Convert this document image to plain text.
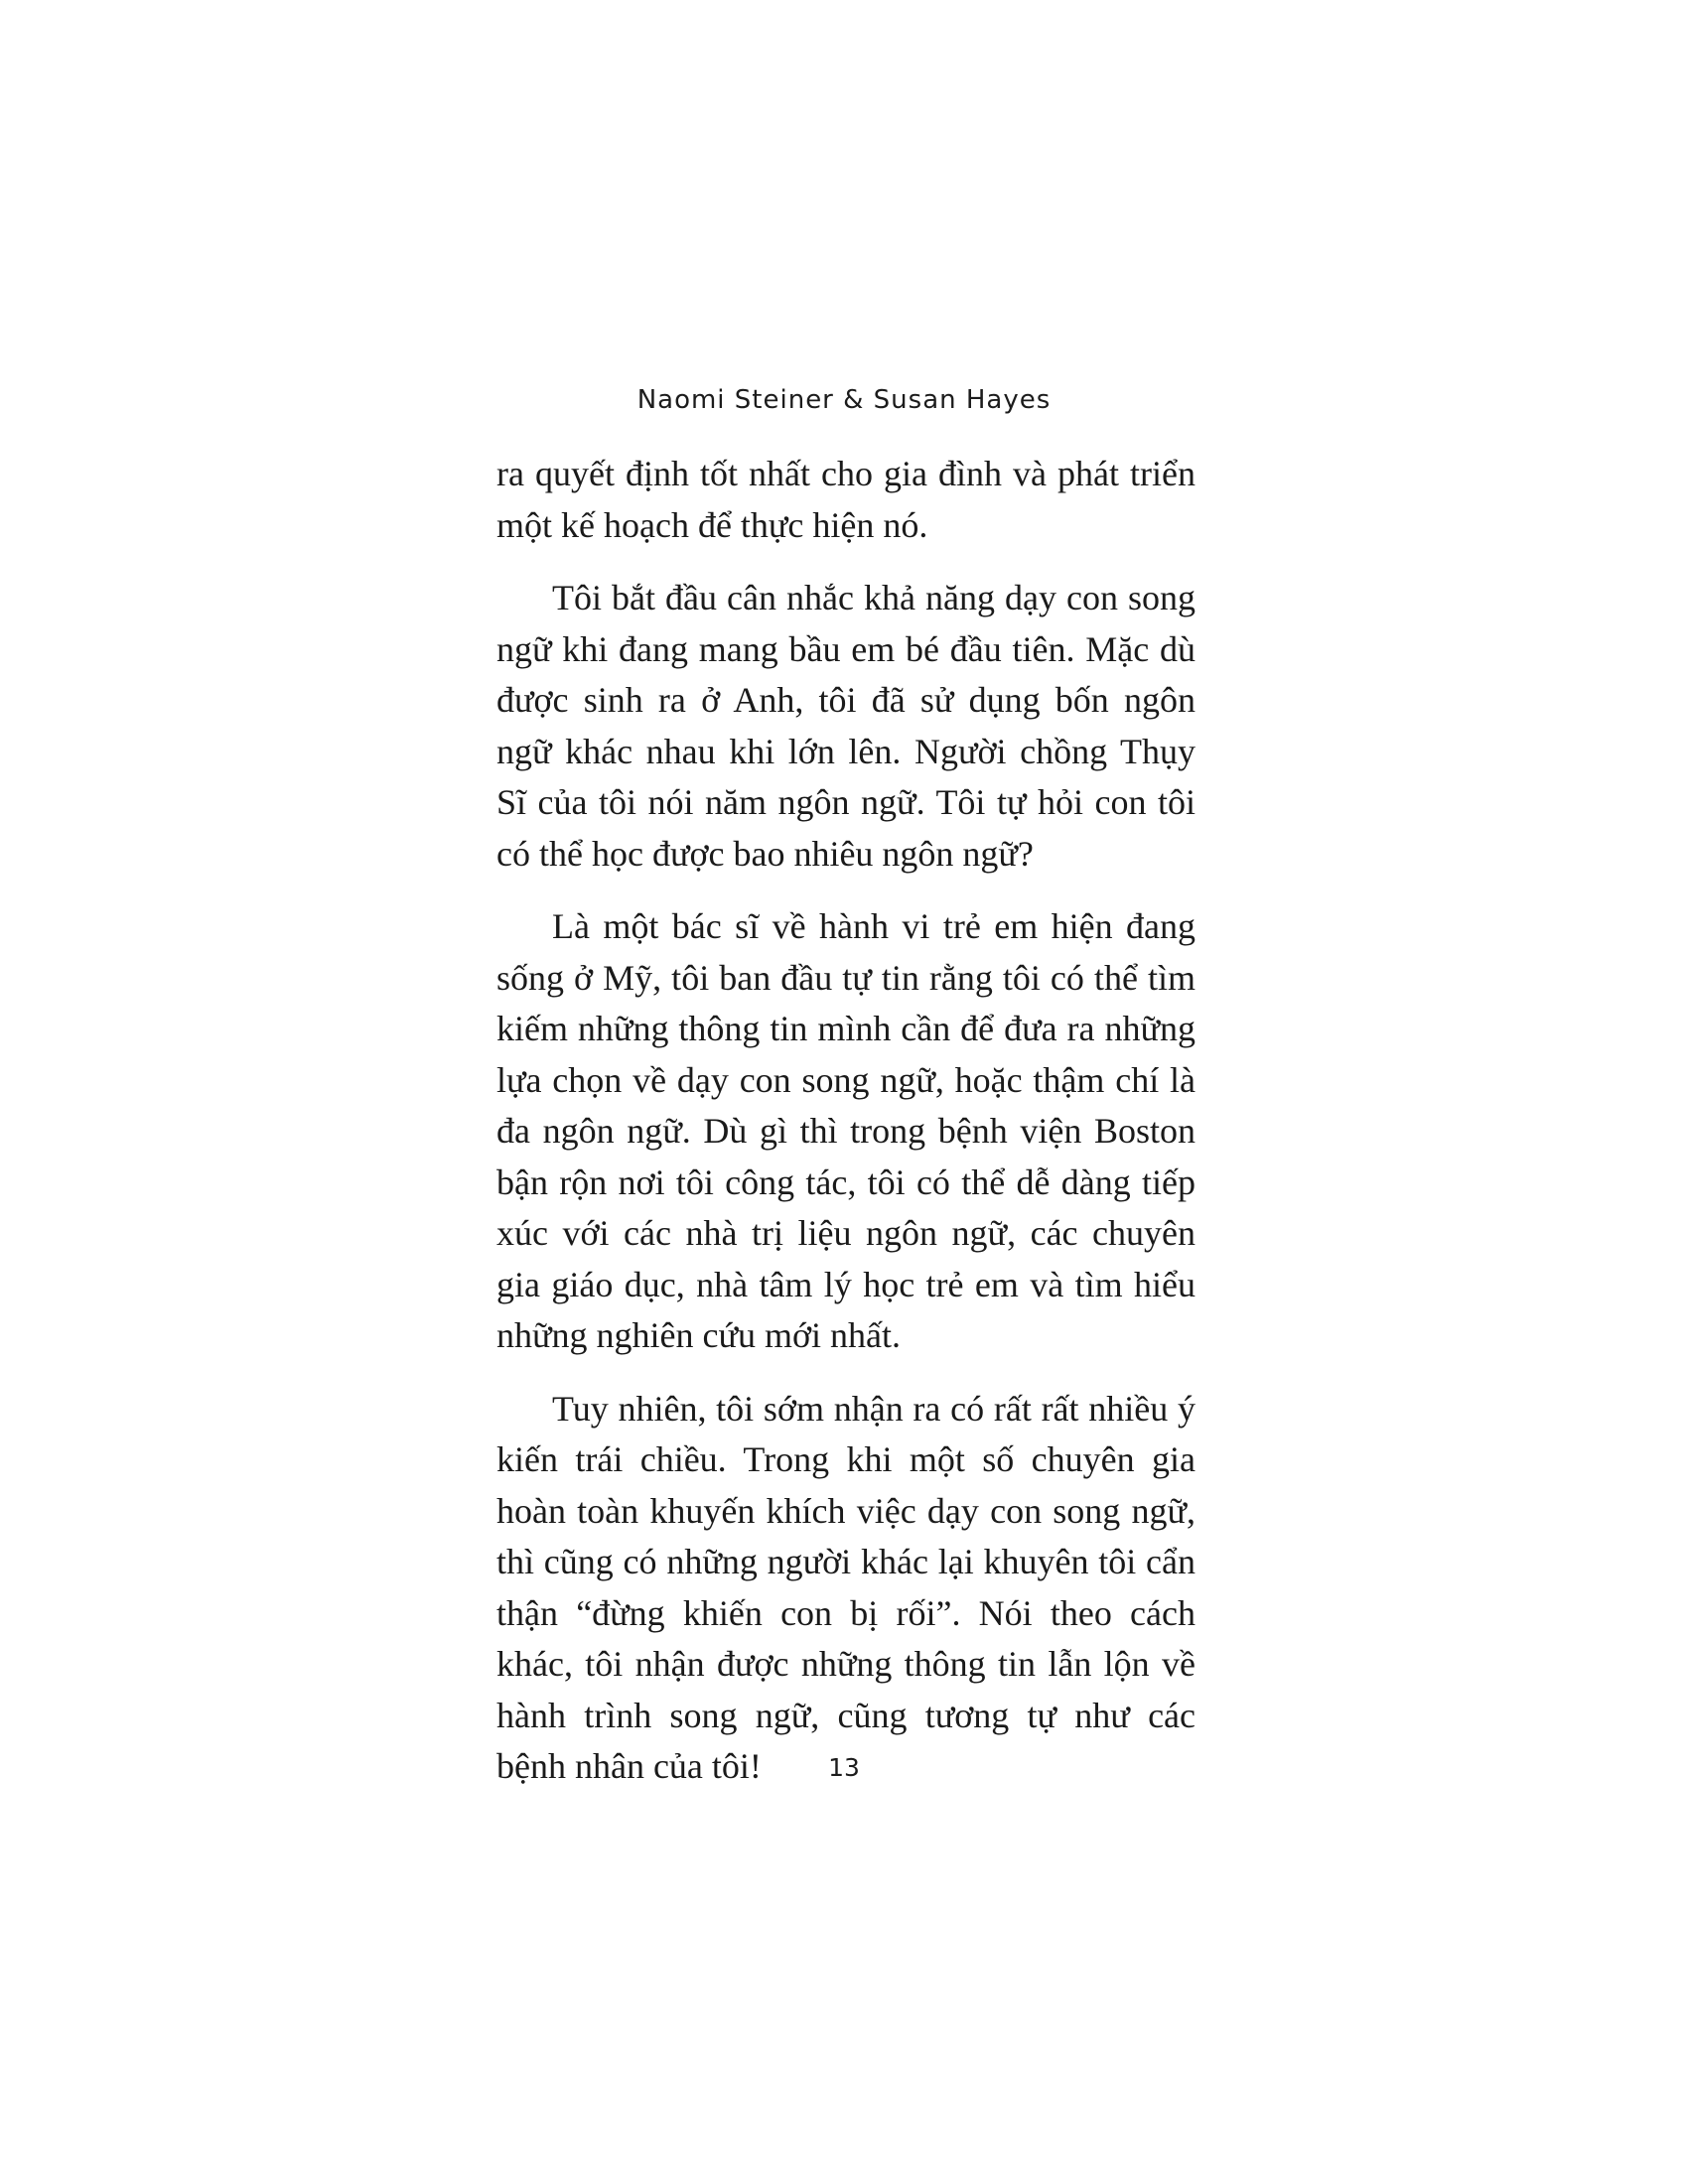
Naomi Steiner & Susan Hayes

ra quyết định tốt nhất cho gia đình và phát triển một kế hoạch để thực hiện nó.

Tôi bắt đầu cân nhắc khả năng dạy con song ngữ khi đang mang bầu em bé đầu tiên. Mặc dù được sinh ra ở Anh, tôi đã sử dụng bốn ngôn ngữ khác nhau khi lớn lên. Người chồng Thụy Sĩ của tôi nói năm ngôn ngữ. Tôi tự hỏi con tôi có thể học được bao nhiêu ngôn ngữ?

Là một bác sĩ về hành vi trẻ em hiện đang sống ở Mỹ, tôi ban đầu tự tin rằng tôi có thể tìm kiếm những thông tin mình cần để đưa ra những lựa chọn về dạy con song ngữ, hoặc thậm chí là đa ngôn ngữ. Dù gì thì trong bệnh viện Boston bận rộn nơi tôi công tác, tôi có thể dễ dàng tiếp xúc với các nhà trị liệu ngôn ngữ, các chuyên gia giáo dục, nhà tâm lý học trẻ em và tìm hiểu những nghiên cứu mới nhất.

Tuy nhiên, tôi sớm nhận ra có rất rất nhiều ý kiến trái chiều. Trong khi một số chuyên gia hoàn toàn khuyến khích việc dạy con song ngữ, thì cũng có những người khác lại khuyên tôi cẩn thận “đừng khiến con bị rối”. Nói theo cách khác, tôi nhận được những thông tin lẫn lộn về hành trình song ngữ, cũng tương tự như các bệnh nhân của tôi!	13
